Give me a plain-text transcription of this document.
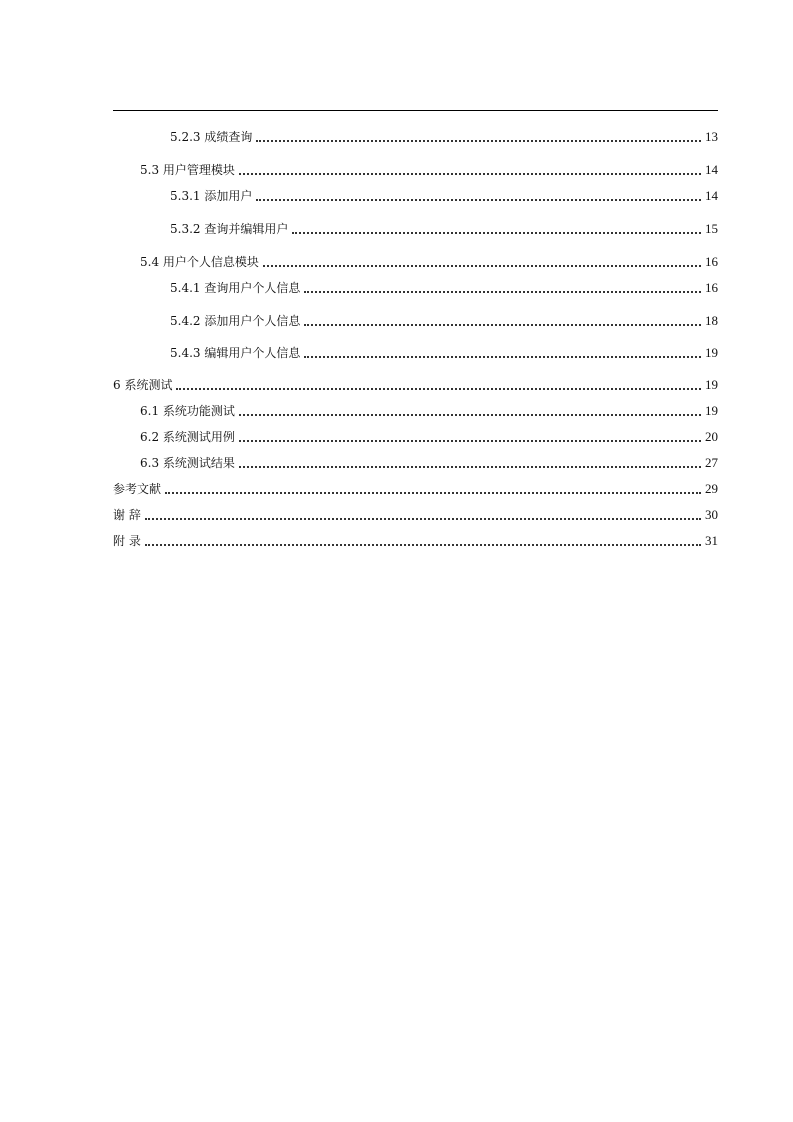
5.2.3 成绩查询	13
5.3 用户管理模块	14
5.3.1 添加用户	14
5.3.2 查询并编辑用户	15
5.4 用户个人信息模块	16
5.4.1 查询用户个人信息	16
5.4.2 添加用户个人信息	18
5.4.3 编辑用户个人信息	19
6 系统测试	19
6.1 系统功能测试	19
6.2 系统测试用例	20
6.3 系统测试结果	27
参考文献	29
谢 辞	30
附 录	31
